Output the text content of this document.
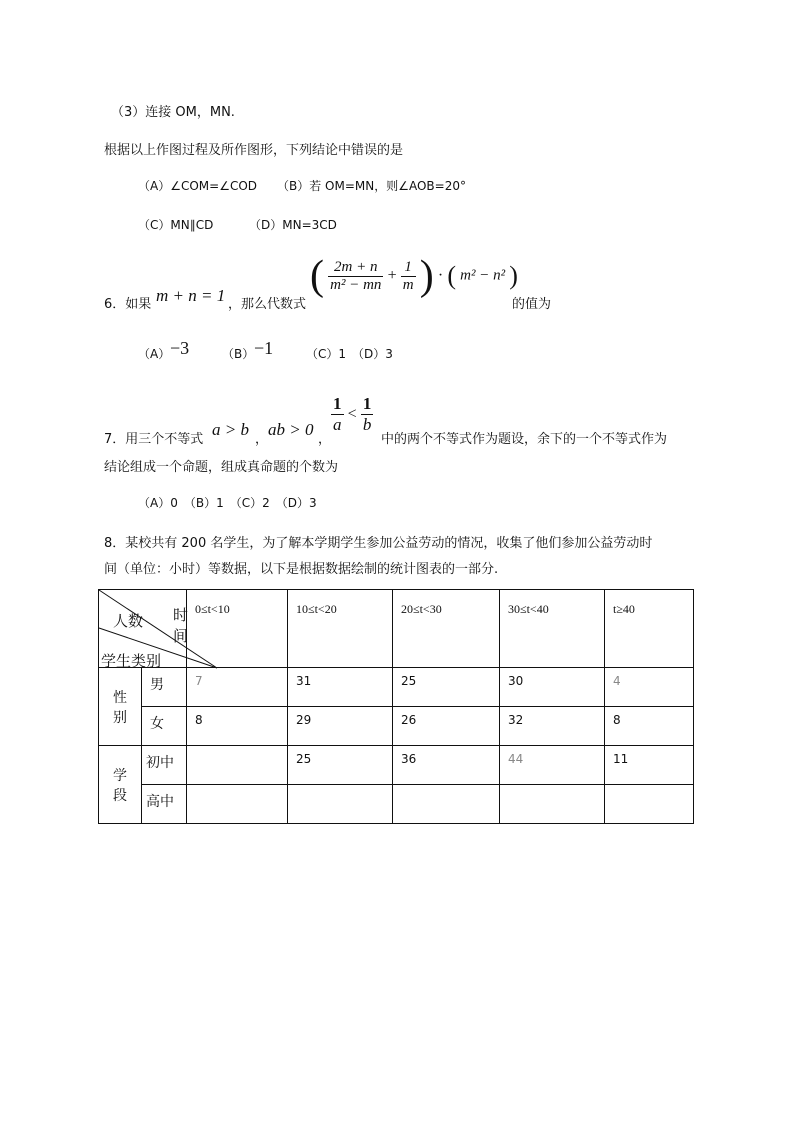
（3）连接 OM，MN.
根据以上作图过程及所作图形，下列结论中错误的是
（A）∠COM=∠COD （B）若 OM=MN，则∠AOB=20°
（C）MN∥CD	（D）MN=3CD
6．如果 m + n = 1 ，那么代数式
( $\frac{2m + n}{\text{m² − mn}} + \frac{1}{m}$ ) · ( m² − n² )
的值为
（A） −3	（B） −1	（C）1　（D）3
7．用三个不等式
a > b
，
ab > 0
，
$\frac{1}{a} < \frac{1}{b}$
中的两个不等式作为题设，余下的一个不等式作为
结论组成一个命题，组成真命题的个数为
（A）0　（B）1　（C）2　（D）3
8．某校共有 200 名学生，为了解本学期学生参加公益劳动的情况，收集了他们参加公益劳动时
间（单位：小时）等数据，以下是根据数据绘制的统计图表的一部分.
人数 时间
学生类别		0≤t<10	10≤t<20	20≤t<30	30≤t<40	t≥40
性
别	男	7	31	25	30	4
	女	8	29	26	32	8
学
段	初中		25	36	44	11
	高中					
